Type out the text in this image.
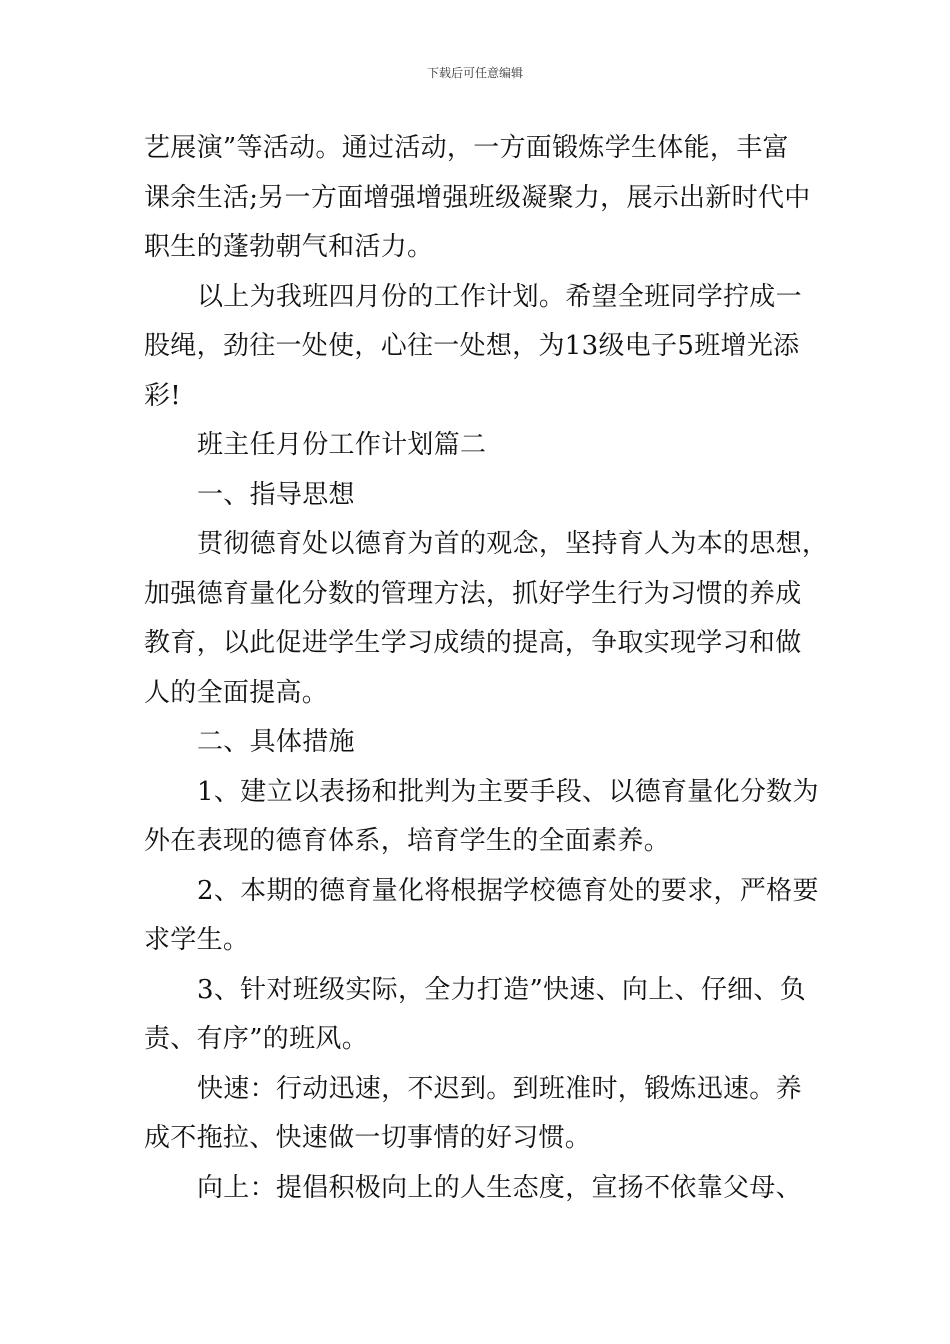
下载后可任意编辑
艺展演”等活动。通过活动，一方面锻炼学生体能，丰富
课余生活;另一方面增强增强班级凝聚力，展示出新时代中
职生的蓬勃朝气和活力。
以上为我班四月份的工作计划。希望全班同学拧成一
股绳，劲往一处使，心往一处想，为13级电子5班增光添
彩!
班主任月份工作计划篇二
一、指导思想
贯彻德育处以德育为首的观念，坚持育人为本的思想，
加强德育量化分数的管理方法，抓好学生行为习惯的养成
教育，以此促进学生学习成绩的提高，争取实现学习和做
人的全面提高。
二、具体措施
1、建立以表扬和批判为主要手段、以德育量化分数为
外在表现的德育体系，培育学生的全面素养。
2、本期的德育量化将根据学校德育处的要求，严格要
求学生。
3、针对班级实际，全力打造”快速、向上、仔细、负
责、有序”的班风。
快速：行动迅速，不迟到。到班准时，锻炼迅速。养
成不拖拉、快速做一切事情的好习惯。
向上：提倡积极向上的人生态度，宣扬不依靠父母、
